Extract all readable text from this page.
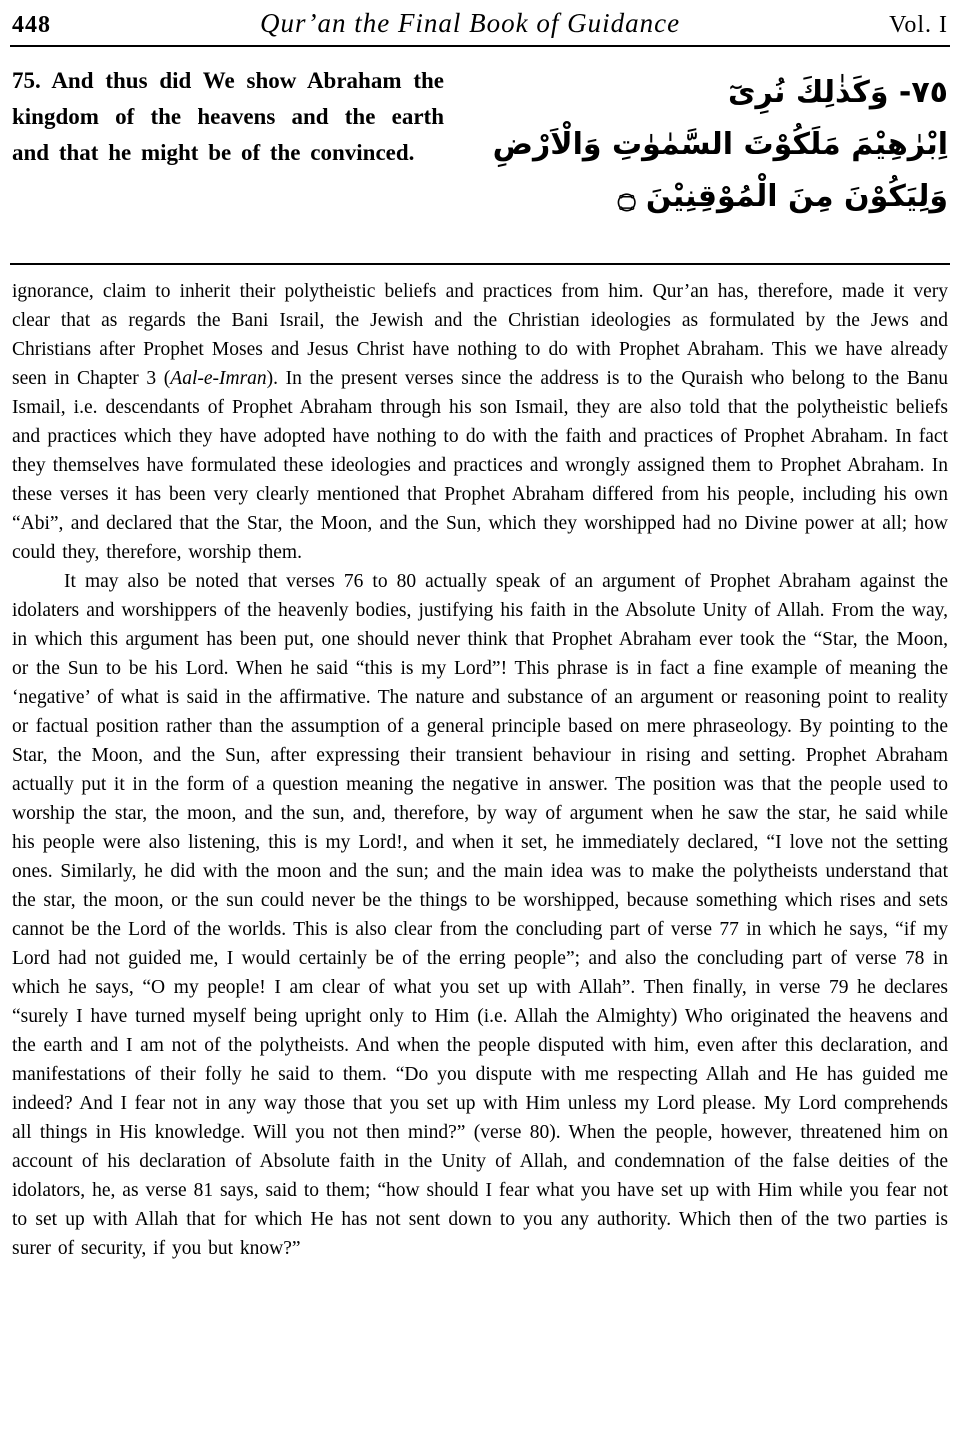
448	Qur’an the Final Book of Guidance	Vol. I
75. And thus did We show Abraham the kingdom of the heavens and the earth and that he might be of the convinced.
٧٥- وَكَذٰلِكَ نُرِىٓ
اِبْرٰهِيْمَ مَلَكُوْتَ السَّمٰوٰتِ وَالْاَرْضِ
وَلِيَكُوْنَ مِنَ الْمُوْقِنِيْنَ ۝

ignorance, claim to inherit their polytheistic beliefs and practices from him. Qur’an has, therefore, made it very clear that as regards the Bani Israil, the Jewish and the Christian ideologies as formulated by the Jews and Christians after Prophet Moses and Jesus Christ have nothing to do with Prophet Abraham. This we have already seen in Chapter 3 (Aal-e-Imran). In the present verses since the address is to the Quraish who belong to the Banu Ismail, i.e. descendants of Prophet Abraham through his son Ismail, they are also told that the polytheistic beliefs and practices which they have adopted have nothing to do with the faith and practices of Prophet Abraham. In fact they themselves have formulated these ideologies and practices and wrongly assigned them to Prophet Abraham. In these verses it has been very clearly mentioned that Prophet Abraham differed from his people, including his own “Abi”, and declared that the Star, the Moon, and the Sun, which they worshipped had no Divine power at all; how could they, therefore, worship them.

It may also be noted that verses 76 to 80 actually speak of an argument of Prophet Abraham against the idolaters and worshippers of the heavenly bodies, justifying his faith in the Absolute Unity of Allah. From the way, in which this argument has been put, one should never think that Prophet Abraham ever took the “Star, the Moon, or the Sun to be his Lord. When he said “this is my Lord”! This phrase is in fact a fine example of meaning the ‘negative’ of what is said in the affirmative. The nature and substance of an argument or reasoning point to reality or factual position rather than the assumption of a general principle based on mere phraseology. By pointing to the Star, the Moon, and the Sun, after expressing their transient behaviour in rising and setting. Prophet Abraham actually put it in the form of a question meaning the negative in answer. The position was that the people used to worship the star, the moon, and the sun, and, therefore, by way of argument when he saw the star, he said while his people were also listening, this is my Lord!, and when it set, he immediately declared, “I love not the setting ones. Similarly, he did with the moon and the sun; and the main idea was to make the polytheists understand that the star, the moon, or the sun could never be the things to be worshipped, because something which rises and sets cannot be the Lord of the worlds. This is also clear from the concluding part of verse 77 in which he says, “if my Lord had not guided me, I would certainly be of the erring people”; and also the concluding part of verse 78 in which he says, “O my people! I am clear of what you set up with Allah”. Then finally, in verse 79 he declares “surely I have turned myself being upright only to Him (i.e. Allah the Almighty) Who originated the heavens and the earth and I am not of the polytheists. And when the people disputed with him, even after this declaration, and manifestations of their folly he said to them. “Do you dispute with me respecting Allah and He has guided me indeed? And I fear not in any way those that you set up with Him unless my Lord please. My Lord comprehends all things in His knowledge. Will you not then mind?” (verse 80). When the people, however, threatened him on account of his declaration of Absolute faith in the Unity of Allah, and condemnation of the false deities of the idolators, he, as verse 81 says, said to them; “how should I fear what you have set up with Him while you fear not to set up with Allah that for which He has not sent down to you any authority. Which then of the two parties is surer of security, if you but know?”
